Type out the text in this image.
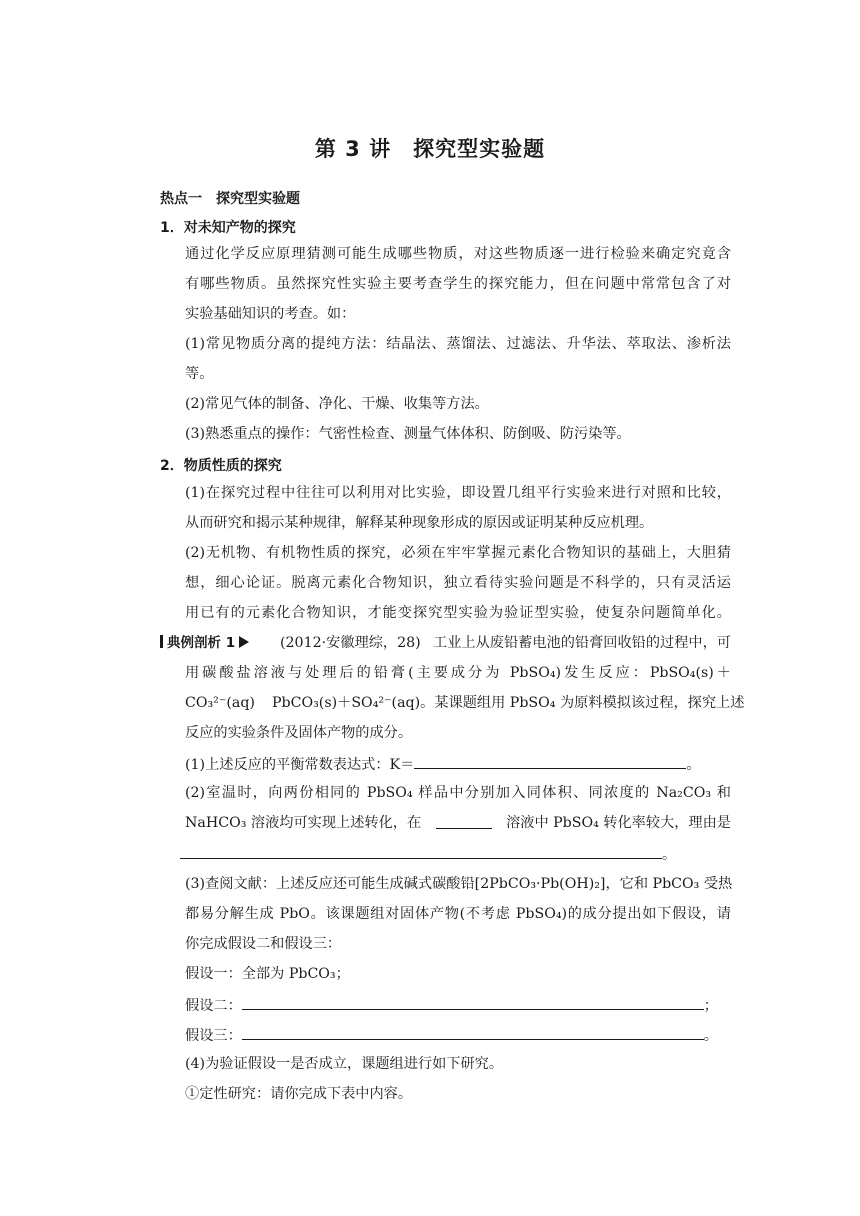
第 3 讲　探究型实验题
热点一　探究型实验题
1．对未知产物的探究
通过化学反应原理猜测可能生成哪些物质，对这些物质逐一进行检验来确定究竟含
有哪些物质。虽然探究性实验主要考查学生的探究能力，但在问题中常常包含了对
实验基础知识的考查。如：
(1)常见物质分离的提纯方法：结晶法、蒸馏法、过滤法、升华法、萃取法、渗析法
等。
(2)常见气体的制备、净化、干燥、收集等方法。
(3)熟悉重点的操作：气密性检查、测量气体体积、防倒吸、防污染等。
2．物质性质的探究
(1)在探究过程中往往可以利用对比实验，即设置几组平行实验来进行对照和比较，
从而研究和揭示某种规律，解释某种现象形成的原因或证明某种反应机理。
(2)无机物、有机物性质的探究，必须在牢牢掌握元素化合物知识的基础上，大胆猜
想，细心论证。脱离元素化合物知识，独立看待实验问题是不科学的，只有灵活运
用已有的元素化合物知识，才能变探究型实验为验证型实验，使复杂问题简单化。
典例剖析 1	(2012·安徽理综，28) 工业上从废铅蓄电池的铅膏回收铅的过程中，可
用碳酸盐溶液与处理后的铅膏(主要成分为 PbSO₄)发生反应：PbSO₄(s)＋
CO₃²⁻(aq) PbCO₃(s)＋SO₄²⁻(aq)。某课题组用 PbSO₄ 为原料模拟该过程，探究上述
反应的实验条件及固体产物的成分。
(1)上述反应的平衡常数表达式：K＝	。
(2)室温时，向两份相同的 PbSO₄ 样品中分别加入同体积、同浓度的 Na₂CO₃ 和
NaHCO₃ 溶液均可实现上述转化，在	溶液中 PbSO₄ 转化率较大，理由是
。
(3)查阅文献：上述反应还可能生成碱式碳酸铅[2PbCO₃·Pb(OH)₂]，它和 PbCO₃ 受热
都易分解生成 PbO。该课题组对固体产物(不考虑 PbSO₄)的成分提出如下假设，请
你完成假设二和假设三：
假设一：全部为 PbCO₃；
假设二：	；
假设三：	。
(4)为验证假设一是否成立，课题组进行如下研究。
①定性研究：请你完成下表中内容。
